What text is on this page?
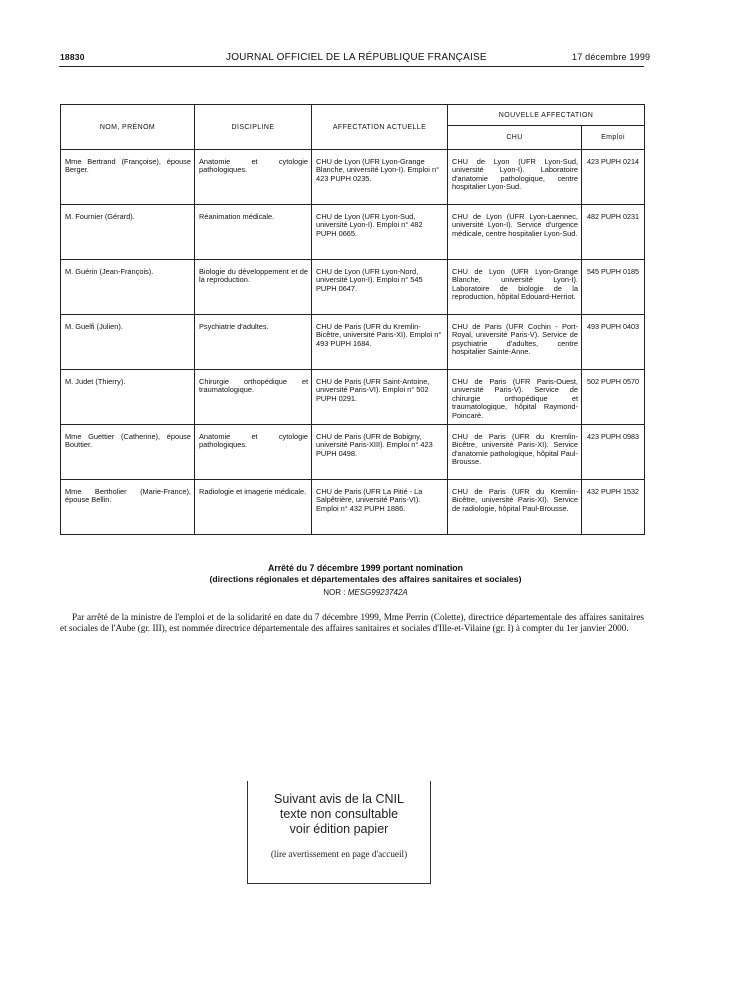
18830	JOURNAL OFFICIEL DE LA RÉPUBLIQUE FRANÇAISE	17 décembre 1999
NOM, PRÉNOM	DISCIPLINE	AFFECTATION ACTUELLE	NOUVELLE AFFECTATION	
			CHU	Emploi

Mme Bertrand (Françoise), épouse Berger.	Anatomie et cytologie pathologiques.	CHU de Lyon (UFR Lyon-Grange Blanche, université Lyon-I). Emploi n° 423 PUPH 0235.	CHU de Lyon (UFR Lyon-Sud, université Lyon-I). Laboratoire d'anatomie pathologique, centre hospitalier Lyon-Sud.	423 PUPH 0214

M. Fournier (Gérard).	Réanimation médicale.	CHU de Lyon (UFR Lyon-Sud, université Lyon-I). Emploi n° 482 PUPH 0665.	CHU de Lyon (UFR Lyon-Laennec, université Lyon-I). Service d'urgence médicale, centre hospitalier Lyon-Sud.	482 PUPH 0231

M. Guérin (Jean-François).	Biologie du développement et de la reproduction.	CHU de Lyon (UFR Lyon-Nord, université Lyon-I). Emploi n° 545 PUPH 0647.	CHU de Lyon (UFR Lyon-Grange Blanche, université Lyon-I). Laboratoire de biologie de la reproduction, hôpital Edouard-Herriot.	545 PUPH 0185

M. Guelfi (Julien).	Psychiatrie d'adultes.	CHU de Paris (UFR du Kremlin-Bicêtre, université Paris-XI). Emploi n° 493 PUPH 1684.	CHU de Paris (UFR Cochin - Port-Royal, université Paris-V). Service de psychiatrie d'adultes, centre hospitalier Sainte-Anne.	493 PUPH 0403

M. Judet (Thierry).	Chirurgie orthopédique et traumatologique.	CHU de Paris (UFR Saint-Antoine, université Paris-VI). Emploi n° 502 PUPH 0291.	CHU de Paris (UFR Paris-Ouest, université Paris-V). Service de chirurgie orthopédique et traumatologique, hôpital Raymond-Poincaré.	502 PUPH 0570

Mme Guettier (Catherine), épouse Bouttier.	Anatomie et cytologie pathologiques.	CHU de Paris (UFR de Bobigny, université Paris-XIII). Emploi n° 423 PUPH 0498.	CHU de Paris (UFR du Kremlin-Bicêtre, université Paris-XI). Service d'anatomie pathologique, hôpital Paul-Brousse.	423 PUPH 0983

Mme Bertholier (Marie-France), épouse Bellin.	Radiologie et imagerie médicale.	CHU de Paris (UFR La Pitié - La Salpêtrière, université Paris-VI). Emploi n° 432 PUPH 1886.	CHU de Paris (UFR du Kremlin-Bicêtre, université Paris-XI). Service de radiologie, hôpital Paul-Brousse.	432 PUPH 1532
Arrêté du 7 décembre 1999 portant nomination
(directions régionales et départementales des affaires sanitaires et sociales)
NOR : MESG9923742A
Par arrêté de la ministre de l'emploi et de la solidarité en date du 7 décembre 1999, Mme Perrin (Colette), directrice départementale des affaires sanitaires et sociales de l'Aube (gr. III), est nommée directrice départementale des affaires sanitaires et sociales d'Ille-et-Vilaine (gr. I) à compter du 1er janvier 2000.
Suivant avis de la CNIL
texte non consultable
voir édition papier
(lire avertissement en page d'accueil)
